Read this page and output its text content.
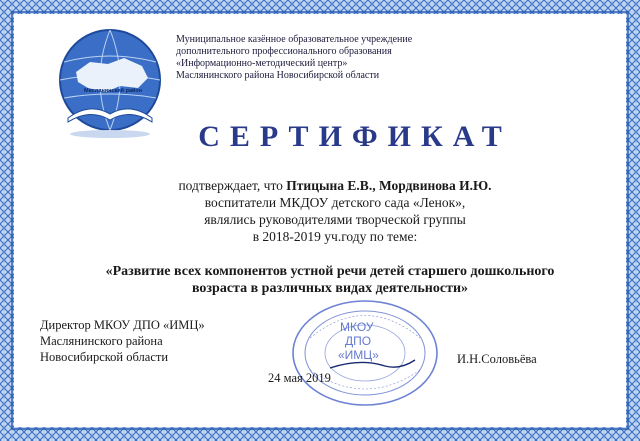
Маслянинский район
Муниципальное казённое образовательное учреждение
дополнительного профессионального образования
«Информационно-методический центр»
Маслянинского района Новосибирской области
СЕРТИФИКАТ
подтверждает, что Птицына Е.В., Мордвинова И.Ю.
воспитатели МКДОУ детского сада «Ленок»,
являлись руководителями творческой группы
в 2018-2019 уч.году по теме:
«Развитие всех компонентов устной речи детей старшего дошкольного
возраста в различных видах деятельности»
МКОУ
ДПО
«ИМЦ»
Директор МКОУ ДПО «ИМЦ»
Маслянинского района
Новосибирской области	И.Н.Соловьёва
24 мая 2019
